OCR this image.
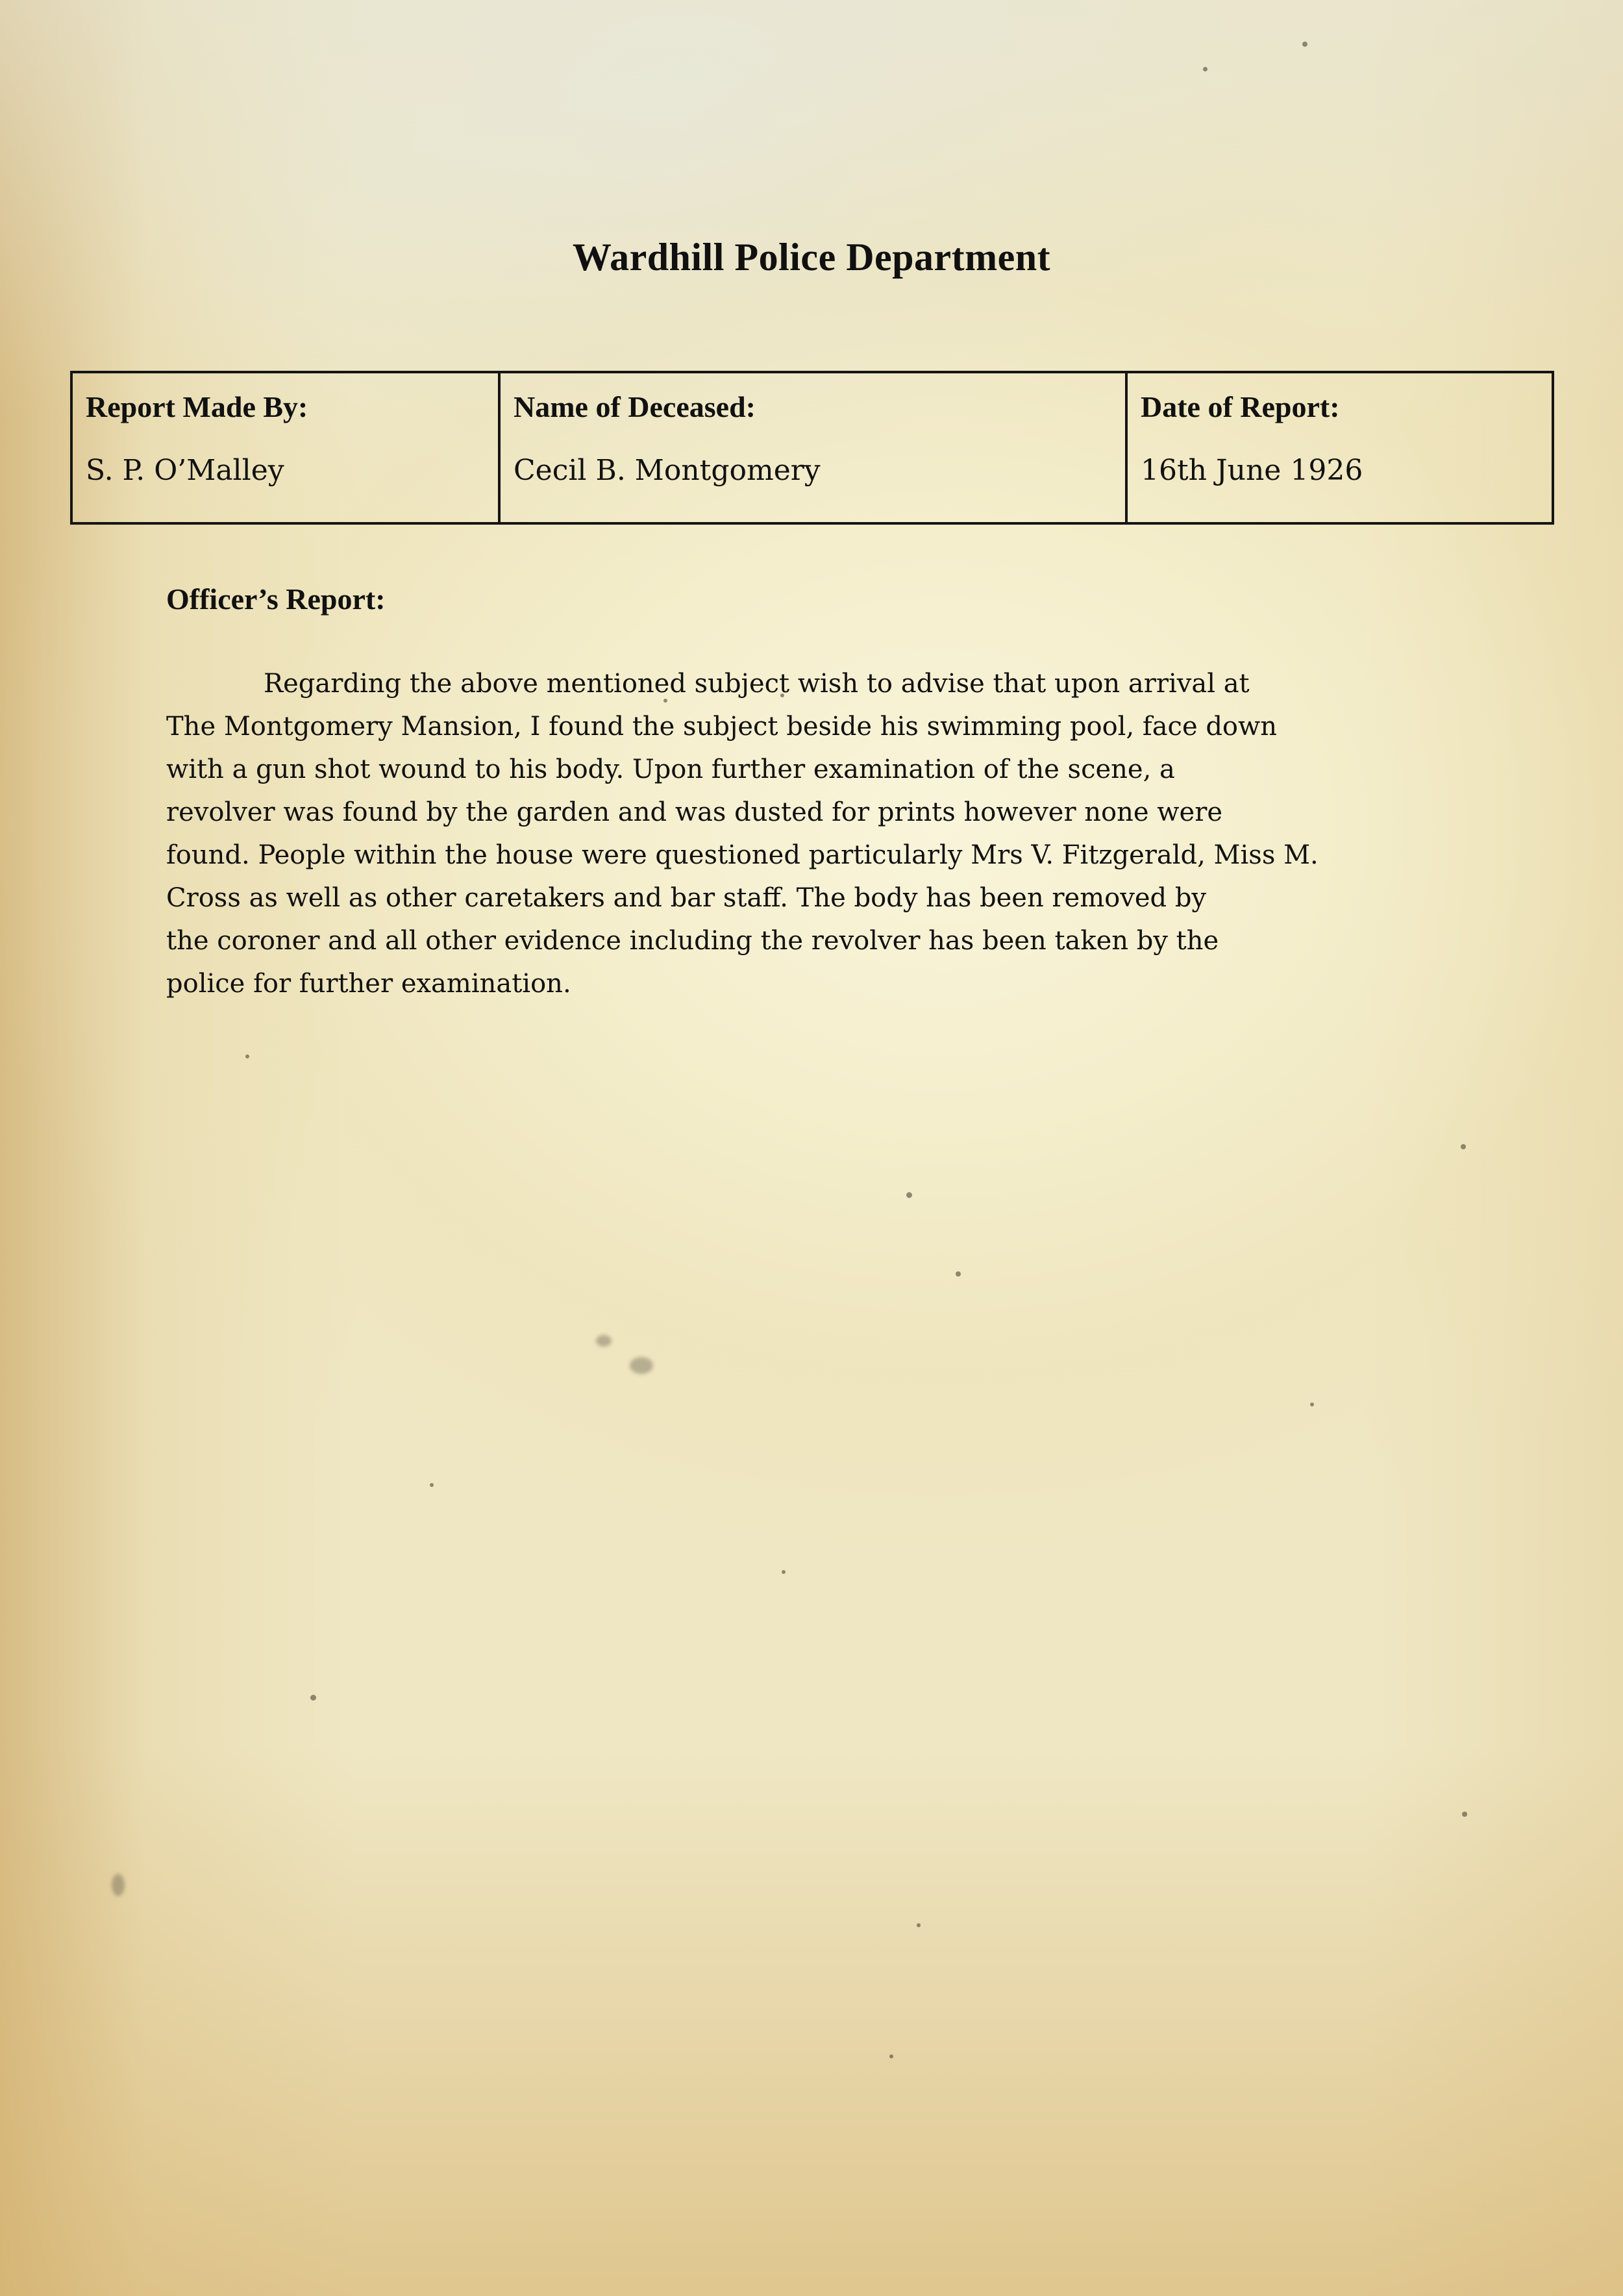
Wardhill Police Department
Report Made By:
S. P. O’Malley

Name of Deceased:
Cecil B. Montgomery

Date of Report:
16th June 1926
Officer’s Report:
Regarding the above mentioned subject wish to advise that upon arrival at
The Montgomery Mansion, I found the subject beside his swimming pool, face down
with a gun shot wound to his body. Upon further examination of the scene, a
revolver was found by the garden and was dusted for prints however none were
found. People within the house were questioned particularly Mrs V. Fitzgerald, Miss M.
Cross as well as other caretakers and bar staff. The body has been removed by
the coroner and all other evidence including the revolver has been taken by the
police for further examination.
